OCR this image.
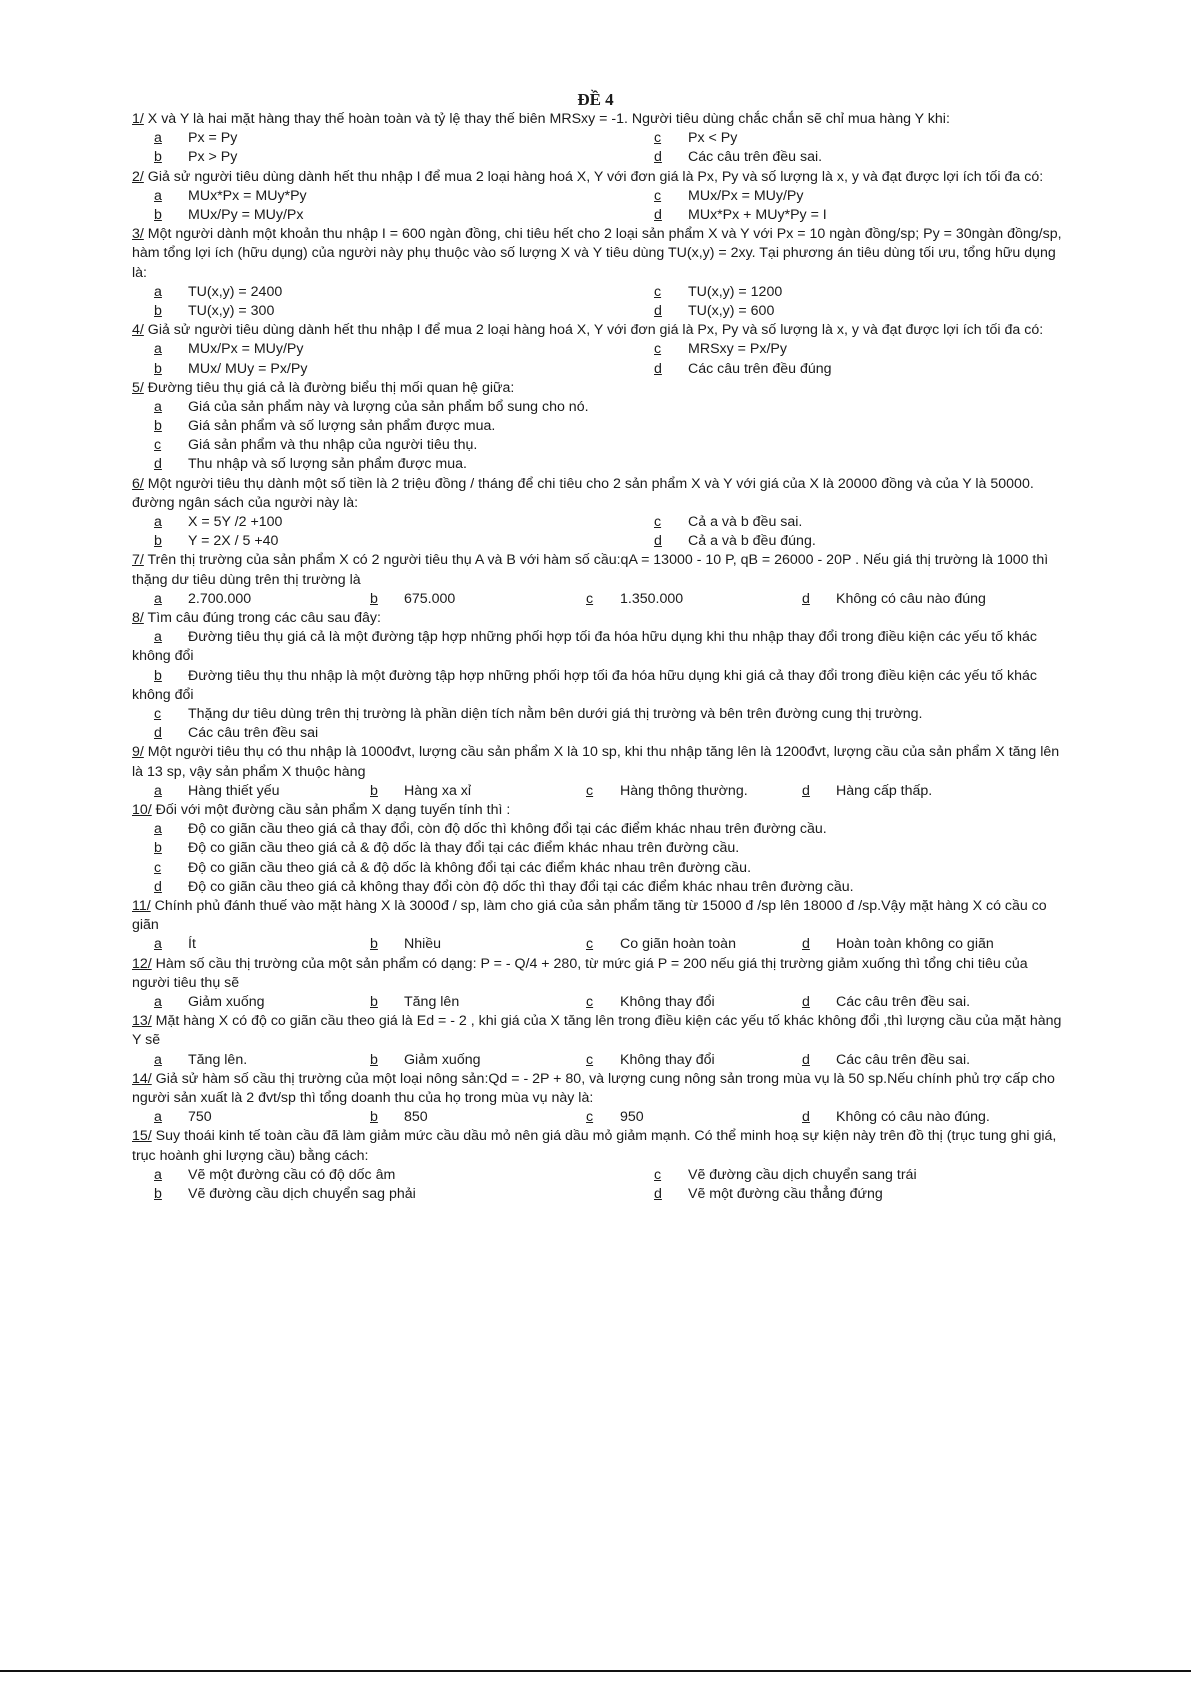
ĐỀ 4

1/ X và Y là hai mặt hàng thay thế hoàn toàn và tỷ lệ thay thế biên MRSxy = -1. Người tiêu dùng chắc chắn sẽ chỉ mua hàng Y khi:

a	Px = Py	c	Px < Py
b	Px > Py	d	Các câu trên đều sai.

2/ Giả sử người tiêu dùng dành hết thu nhập I để mua 2 loại hàng hoá X, Y với đơn giá là Px, Py và số lượng là x, y và đạt được lợi ích tối đa có:

a	MUx*Px = MUy*Py	c	MUx/Px = MUy/Py
b	MUx/Py = MUy/Px	d	MUx*Px + MUy*Py = I

3/ Một người dành một khoản thu nhập I = 600 ngàn đồng, chi tiêu hết cho 2 loại sản phẩm X và Y với Px = 10 ngàn đồng/sp; Py = 30ngàn đồng/sp, hàm tổng lợi ích (hữu dụng) của người này phụ thuộc vào số lượng X và Y tiêu dùng TU(x,y) = 2xy. Tại phương án tiêu dùng tối ưu, tổng hữu dụng là:

a	TU(x,y) = 2400	c	TU(x,y) = 1200
b	TU(x,y) = 300	d	TU(x,y) = 600

4/ Giả sử người tiêu dùng dành hết thu nhập I để mua 2 loại hàng hoá X, Y với đơn giá là Px, Py và số lượng là x, y và đạt được lợi ích tối đa có:

a	MUx/Px = MUy/Py	c	MRSxy = Px/Py
b	MUx/ MUy = Px/Py	d	Các câu trên đều đúng

5/ Đường tiêu thụ giá cả là đường biểu thị mối quan hệ giữa:

a	Giá của sản phẩm này và lượng của sản phẩm bổ sung cho nó.
b	Giá sản phẩm và số lượng sản phẩm được mua.
c	Giá sản phẩm và thu nhập của người tiêu thụ.
d	Thu nhập và số lượng sản phẩm được mua.

6/ Một người tiêu thụ dành một số tiền là 2 triệu đồng / tháng để chi tiêu cho 2 sản phẩm X và Y với giá của X là 20000 đồng và của Y là 50000. đường ngân sách của người này là:

a	X = 5Y /2 +100	c	Cả a và b đều sai.
b	Y = 2X / 5 +40	d	Cả a và b đều đúng.

7/ Trên thị trường của sản phẩm X có 2 người tiêu thụ A và B với hàm số cầu:qA = 13000 - 10 P, qB = 26000 - 20P . Nếu giá thị trường là 1000 thì thặng dư tiêu dùng trên thị trường là

a	2.700.000	b	675.000	c	1.350.000	d	Không có câu nào đúng

8/ Tìm câu đúng trong các câu sau đây:

a Đường tiêu thụ giá cả là một đường tập hợp những phối hợp tối đa hóa hữu dụng khi thu nhập thay đổi trong điều kiện các yếu tố khác không đổi

b Đường tiêu thụ thu nhập là một đường tập hợp những phối hợp tối đa hóa hữu dụng khi giá cả thay đổi trong điều kiện các yếu tố khác không đổi

c	Thặng dư tiêu dùng trên thị trường là phần diện tích nằm bên dưới giá thị trường và bên trên đường cung thị trường.
d	Các câu trên đều sai

9/ Một người tiêu thụ có thu nhập là 1000đvt, lượng cầu sản phẩm X là 10 sp, khi thu nhập tăng lên là 1200đvt, lượng cầu của sản phẩm X tăng lên là 13 sp, vậy sản phẩm X thuộc hàng

a	Hàng thiết yếu	b	Hàng xa xỉ	c	Hàng thông thường.	d	Hàng cấp thấp.

10/ Đối với một đường cầu sản phẩm X dạng tuyến tính thì :

a	Độ co giãn cầu theo giá cả thay đổi, còn độ dốc thì không đổi tại các điểm khác nhau trên đường cầu.
b	Độ co giãn cầu theo giá cả & độ dốc là thay đổi tại các điểm khác nhau trên đường cầu.
c	Độ co giãn cầu theo giá cả & độ dốc là không đổi tại các điểm khác nhau trên đường cầu.
d	Độ co giãn cầu theo giá cả không thay đổi còn độ dốc thì thay đổi tại các điểm khác nhau trên đường cầu.

11/ Chính phủ đánh thuế vào mặt hàng X là 3000đ / sp, làm cho giá của sản phẩm tăng từ 15000 đ /sp lên 18000 đ /sp.Vậy mặt hàng X có cầu co giãn

a	Ít	b	Nhiều	c	Co giãn hoàn toàn	d	Hoàn toàn không co giãn

12/ Hàm số cầu thị trường của một sản phẩm có dạng: P = - Q/4 + 280, từ mức giá P = 200 nếu giá thị trường giảm xuống thì tổng chi tiêu của người tiêu thụ sẽ

a	Giảm xuống	b	Tăng lên	c	Không thay đổi	d	Các câu trên đều sai.

13/ Mặt hàng X có độ co giãn cầu theo giá là Ed = - 2 , khi giá của X tăng lên trong điều kiện các yếu tố khác không đổi ,thì lượng cầu của mặt hàng Y sẽ

a	Tăng lên.	b	Giảm xuống	c	Không thay đổi	d	Các câu trên đều sai.

14/ Giả sử hàm số cầu thị trường của một loại nông sản:Qd = - 2P + 80, và lượng cung nông sản trong mùa vụ là 50 sp.Nếu chính phủ trợ cấp cho người sản xuất là 2 đvt/sp thì tổng doanh thu của họ trong mùa vụ này là:

a	750	b	850	c	950	d	Không có câu nào đúng.

15/ Suy thoái kinh tế toàn cầu đã làm giảm mức cầu dầu mỏ nên giá dầu mỏ giảm mạnh. Có thể minh hoạ sự kiện này trên đồ thị (trục tung ghi giá, trục hoành ghi lượng cầu) bằng cách:

a	Vẽ một đường cầu có độ dốc âm	c	Vẽ đường cầu dịch chuyển sang trái
b	Vẽ đường cầu dịch chuyển sag phải	d	Vẽ một đường cầu thẳng đứng
